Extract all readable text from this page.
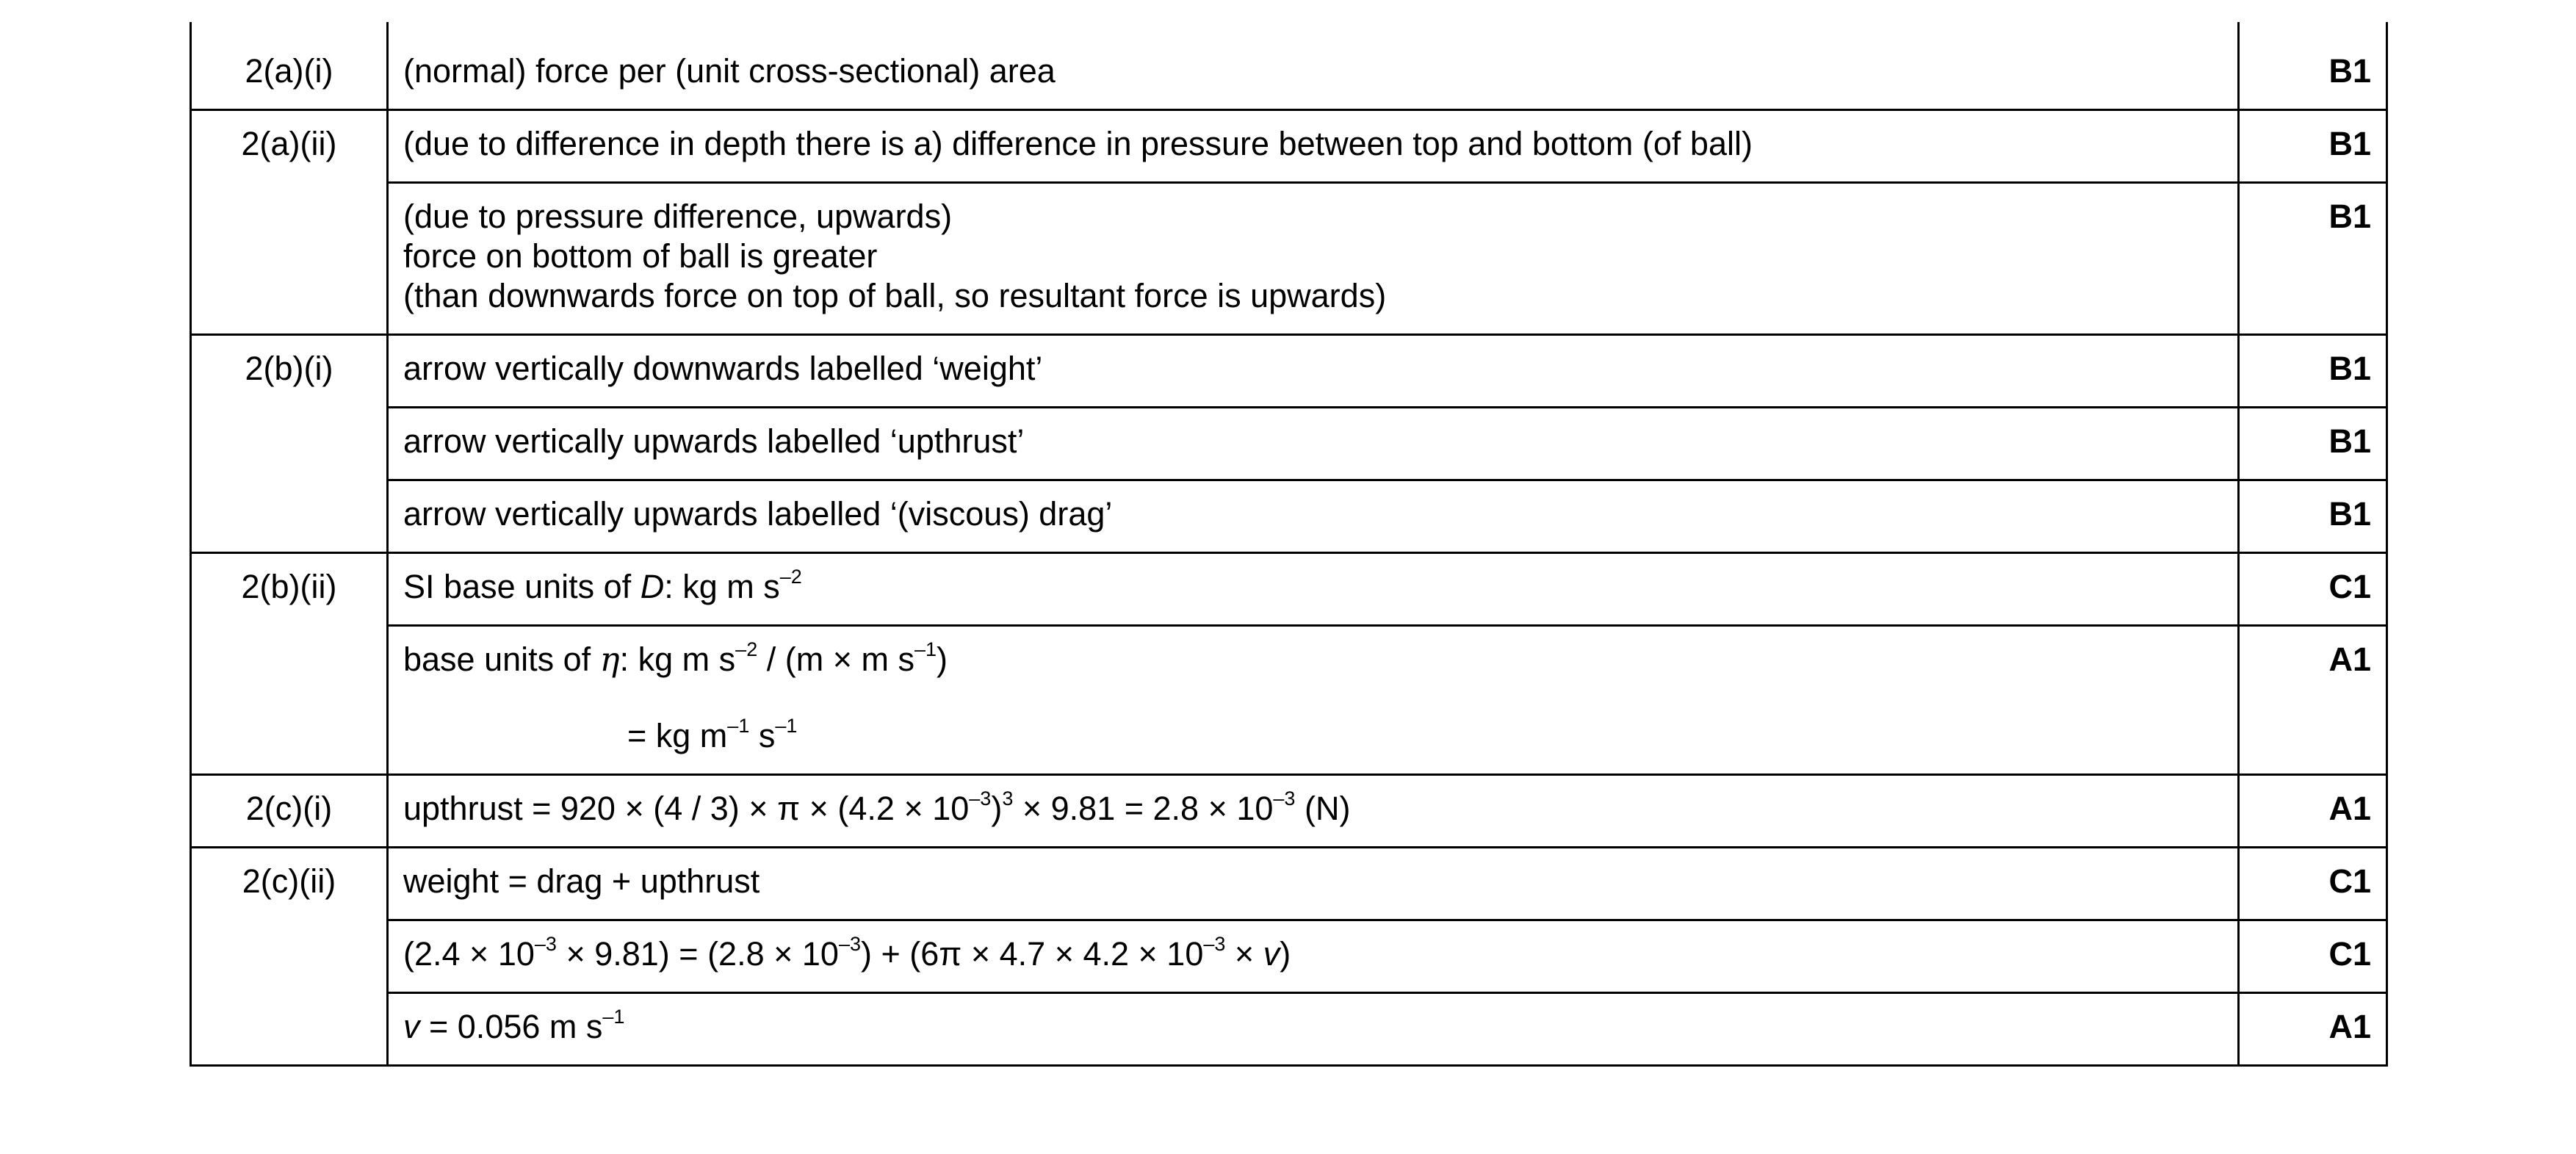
2(a)(i)	(normal) force per (unit cross-sectional) area	B1
2(a)(ii)	(due to difference in depth there is a) difference in pressure between top and bottom (of ball)	B1

	(due to pressure difference, upwards)
force on bottom of ball is greater
(than downwards force on top of ball, so resultant force is upwards)	B1
2(b)(i)	arrow vertically downwards labelled ‘weight’	B1
	arrow vertically upwards labelled ‘upthrust’	B1
	arrow vertically upwards labelled ‘(viscous) drag’	B1
2(b)(ii)	SI base units of D: kg m $s^{-2}$	C1

	base units of η: kg m $s^{-2} / (m \times m$ $s^{-1}$)
= kg $m^{-1}$ $s^{-1}$	A1
2(c)(i)	upthrust = $920 \times (4 / 3) \times \pi \times (4.2 \times 10^{-3})^3 \times 9.81 = 2.8 \times 10^{-3}$ (N)	A1
2(c)(ii)	weight = drag + upthrust	C1
	$(2.4 \times 10^{-3} \times 9.81) = (2.8 \times 10^{-3}) + (6\pi \times 4.7 \times 4.2 \times 10^{-3} \times v)$	C1
	v = 0.056 m $s^{-1}$	A1
